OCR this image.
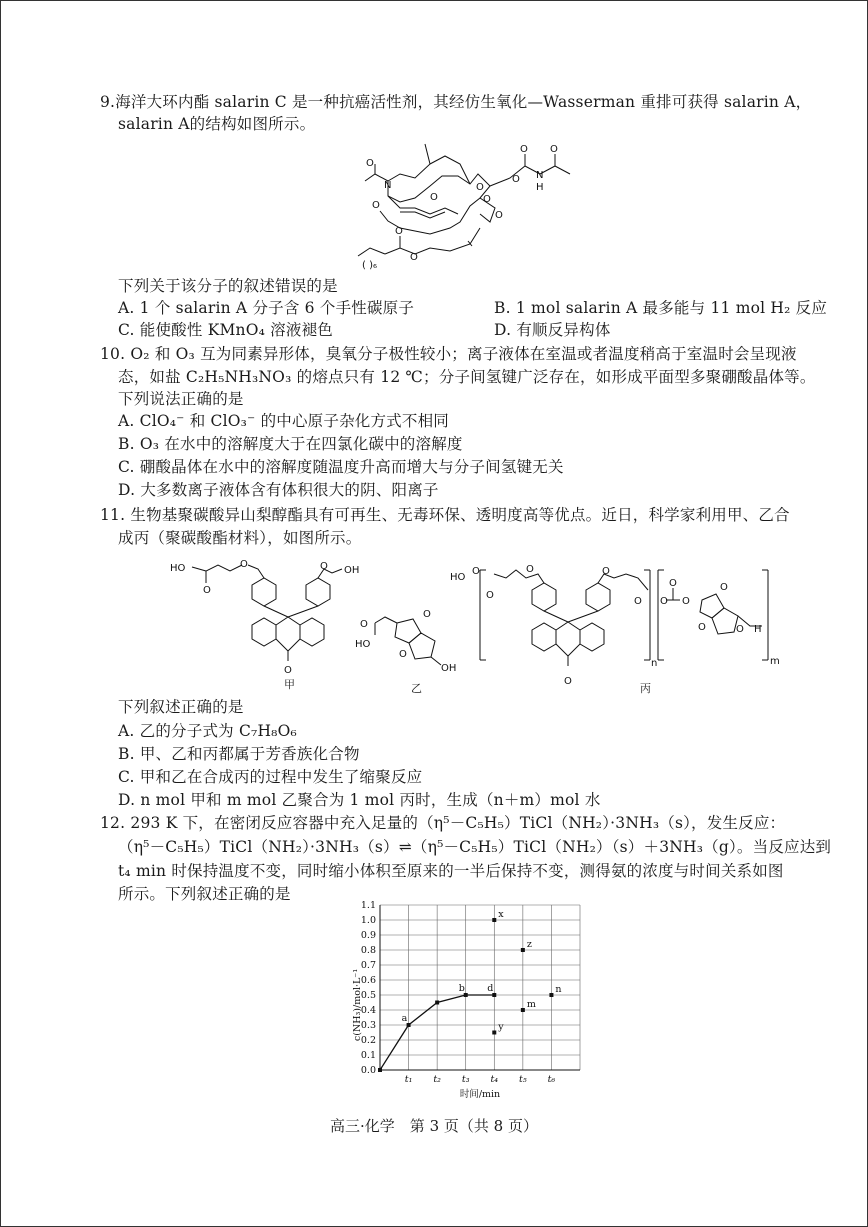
9.海洋大环内酯 salarin C 是一种抗癌活性剂，其经仿生氧化—Wasserman 重排可获得 salarin A，
salarin A的结构如图所示。
N
O
O
O
O
O
O
O
O
O
N
H
O
O
( )₆
下列关于该分子的叙述错误的是
A. 1 个 salarin A 分子含 6 个手性碳原子	B. 1 mol salarin A 最多能与 11 mol H₂ 反应
C. 能使酸性 KMnO₄ 溶液褪色	D. 有顺反异构体
10. O₂ 和 O₃ 互为同素异形体，臭氧分子极性较小；离子液体在室温或者温度稍高于室温时会呈现液
态，如盐 C₂H₅NH₃NO₃ 的熔点只有 12 ℃；分子间氢键广泛存在，如形成平面型多聚硼酸晶体等。
下列说法正确的是
A. ClO₄⁻ 和 ClO₃⁻ 的中心原子杂化方式不相同
B. O₃ 在水中的溶解度大于在四氯化碳中的溶解度
C. 硼酸晶体在水中的溶解度随温度升高而增大与分子间氢键无关
D. 大多数离子液体含有体积很大的阴、阳离子
11. 生物基聚碳酸异山梨醇酯具有可再生、无毒环保、透明度高等优点。近日，科学家利用甲、乙合
成丙（聚碳酸酯材料），如图所示。
HO
O
O	O OH
O
甲
O
HO
O
O
OH
乙
HO
O
O
O	O
O O
O
O
O
O	O H
O
n	m
丙
下列叙述正确的是
A. 乙的分子式为 C₇H₈O₆
B. 甲、乙和丙都属于芳香族化合物
C. 甲和乙在合成丙的过程中发生了缩聚反应
D. n mol 甲和 m mol 乙聚合为 1 mol 丙时，生成（n＋m）mol 水
12. 293 K 下，在密闭反应容器中充入足量的（η⁵－C₅H₅）TiCl（NH₂）·3NH₃（s），发生反应：
（η⁵－C₅H₅）TiCl（NH₂）·3NH₃（s）⇌（η⁵－C₅H₅）TiCl（NH₂）（s）＋3NH₃（g）。当反应达到
t₄ min 时保持温度不变，同时缩小体积至原来的一半后保持不变，测得氨的浓度与时间关系如图
所示。下列叙述正确的是
0.0
0.1
0.2
0.3
0.4
0.5
0.6
0.7
0.8
0.9
1.0
1.1
t₁ t₂ t₃ t₄ t₅ t₆
a
b d
x
y
z
m
n
c(NH₃)/mol·L⁻¹
时间/min
高三·化学　第 3 页（共 8 页）
